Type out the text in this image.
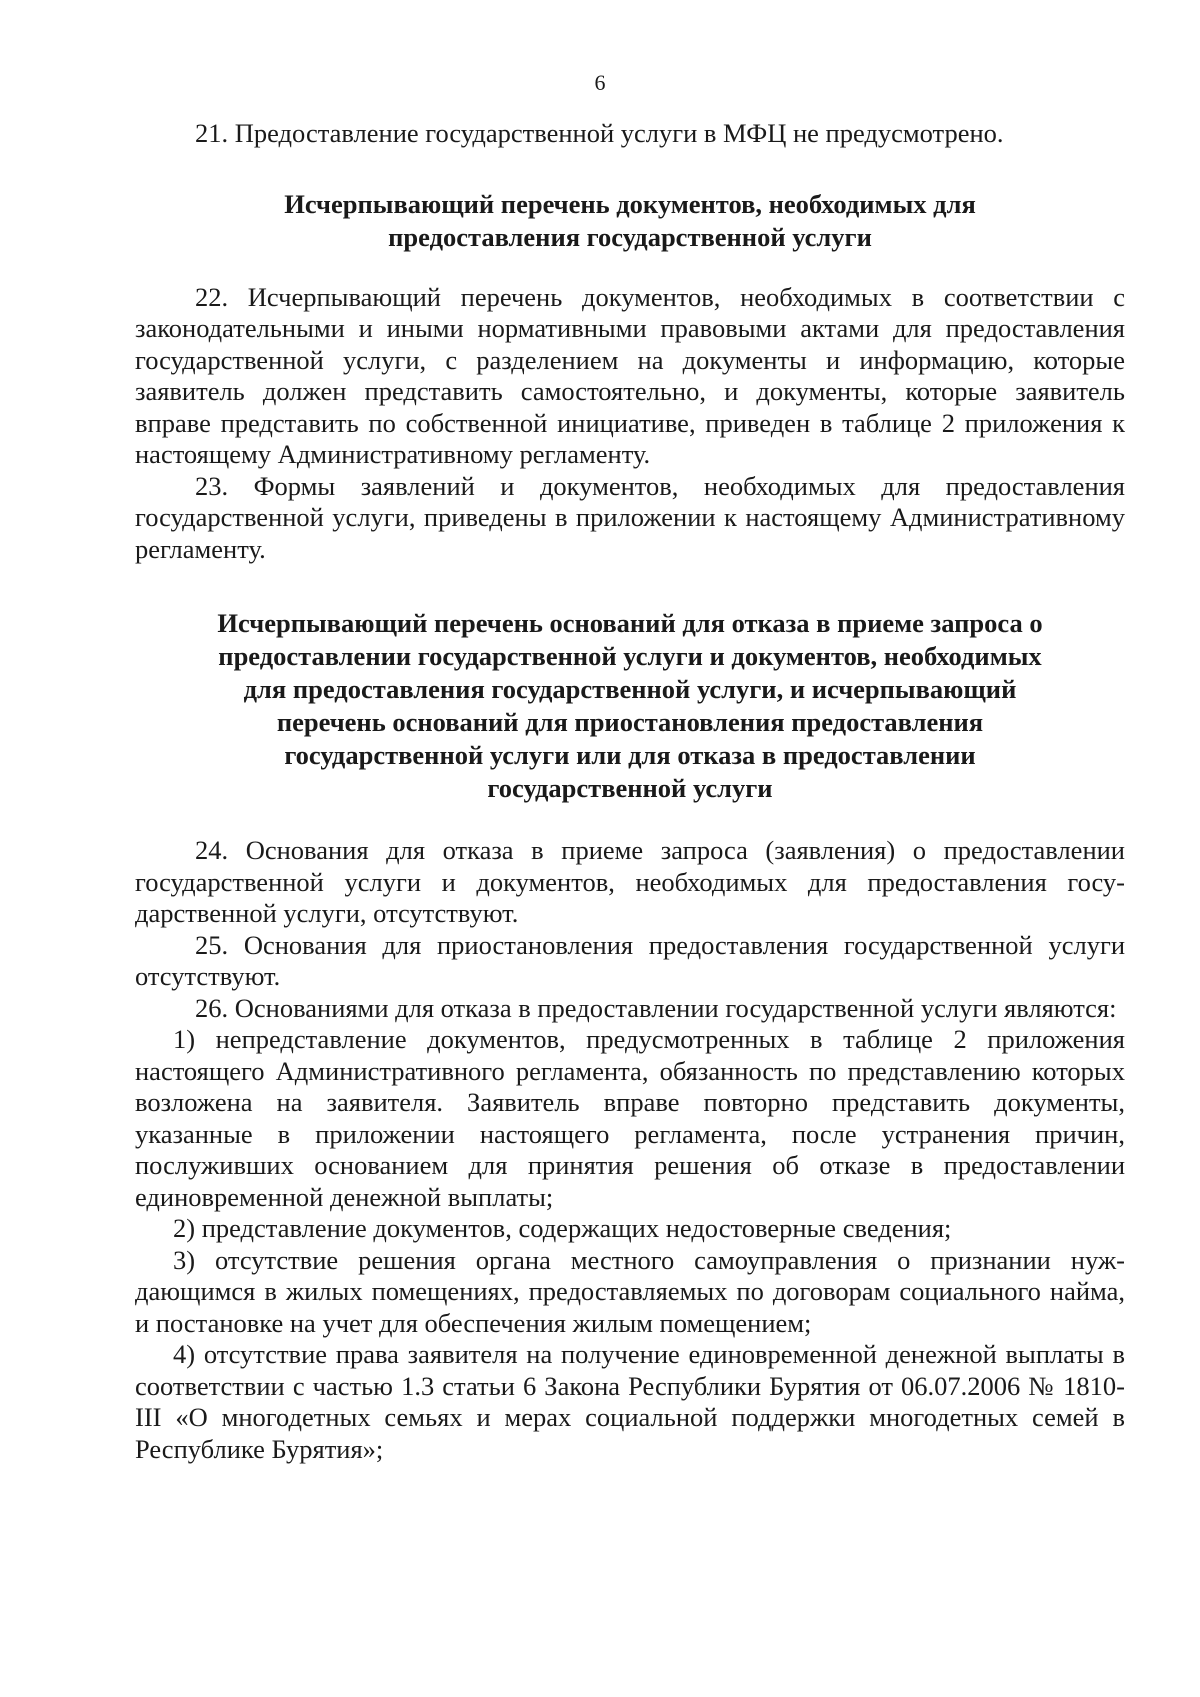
6

21. Предоставление государственной услуги в МФЦ не предусмотрено.

Исчерпывающий перечень документов, необходимых для предоставления государственной услуги

22. Исчерпывающий перечень документов, необходимых в соответствии с законодательными и иными нормативными правовыми актами для предоставления государственной услуги, с разделением на документы и информацию, которые заявитель должен представить самостоятельно, и документы, которые заявитель вправе представить по собственной инициативе, приведен в таблице 2 приложения к настоящему Административному регламенту.

23. Формы заявлений и документов, необходимых для предоставления государственной услуги, приведены в приложении к настоящему Административному регламенту.

Исчерпывающий перечень оснований для отказа в приеме запроса о предоставлении государственной услуги и документов, необходимых для предоставления государственной услуги, и исчерпывающий перечень оснований для приостановления предоставления государственной услуги или для отказа в предоставлении государственной услуги

24. Основания для отказа в приеме запроса (заявления) о предоставлении государственной услуги и документов, необходимых для предоставления государственной услуги, отсутствуют.

25. Основания для приостановления предоставления государственной услуги отсутствуют.

26. Основаниями для отказа в предоставлении государственной услуги являются:

1) непредставление документов, предусмотренных в таблице 2 приложения настоящего Административного регламента, обязанность по представлению которых возложена на заявителя. Заявитель вправе повторно представить документы, указанные в приложении настоящего регламента, после устранения причин, послуживших основанием для принятия решения об отказе в предоставлении единовременной денежной выплаты;

2) представление документов, содержащих недостоверные сведения;

3) отсутствие решения органа местного самоуправления о признании нуждающимся в жилых помещениях, предоставляемых по договорам социального найма, и постановке на учет для обеспечения жилым помещением;

4) отсутствие права заявителя на получение единовременной денежной выплаты в соответствии с частью 1.3 статьи 6 Закона Республики Бурятия от 06.07.2006 № 1810-III «О многодетных семьях и мерах социальной поддержки многодетных семей в Республике Бурятия»;
